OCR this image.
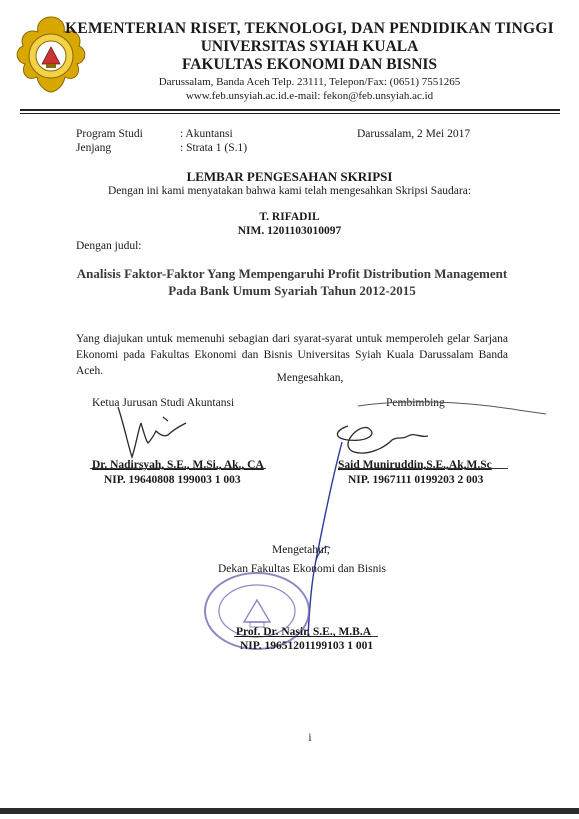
KEMENTERIAN RISET, TEKNOLOGI, DAN PENDIDIKAN TINGGI
UNIVERSITAS SYIAH KUALA
FAKULTAS EKONOMI DAN BISNIS
Darussalam, Banda Aceh Telp. 23111, Telepon/Fax: (0651) 7551265
www.feb.unsyiah.ac.id.e-mail: fekon@feb.unsyiah.ac.id
Program Studi	: Akuntansi	Darussalam, 2 Mei 2017
Jenjang	: Strata 1 (S.1)
LEMBAR PENGESAHAN SKRIPSI
Dengan ini kami menyatakan bahwa kami telah mengesahkan Skripsi Saudara:
T. RIFADIL
NIM. 1201103010097
Dengan judul:
Analisis Faktor-Faktor Yang Mempengaruhi Profit Distribution Management
Pada Bank Umum Syariah Tahun 2012-2015
Yang diajukan untuk memenuhi sebagian dari syarat-syarat untuk memperoleh gelar Sarjana Ekonomi pada Fakultas Ekonomi dan Bisnis Universitas Syiah Kuala Darussalam Banda Aceh.
Mengesahkan,
Ketua Jurusan Studi Akuntansi
Dr. Nadirsyah, S.E., M.Si., Ak., CA
NIP. 19640808 199003 1 003
Pembimbing
Said Muniruddin,S.E.,Ak,M.Sc
NIP. 1967111 0199203 2 003
Mengetahui,
Dekan Fakultas Ekonomi dan Bisnis
Prof. Dr. Nasir, S.E., M.B.A
NIP. 19651201199103 1 001
i
